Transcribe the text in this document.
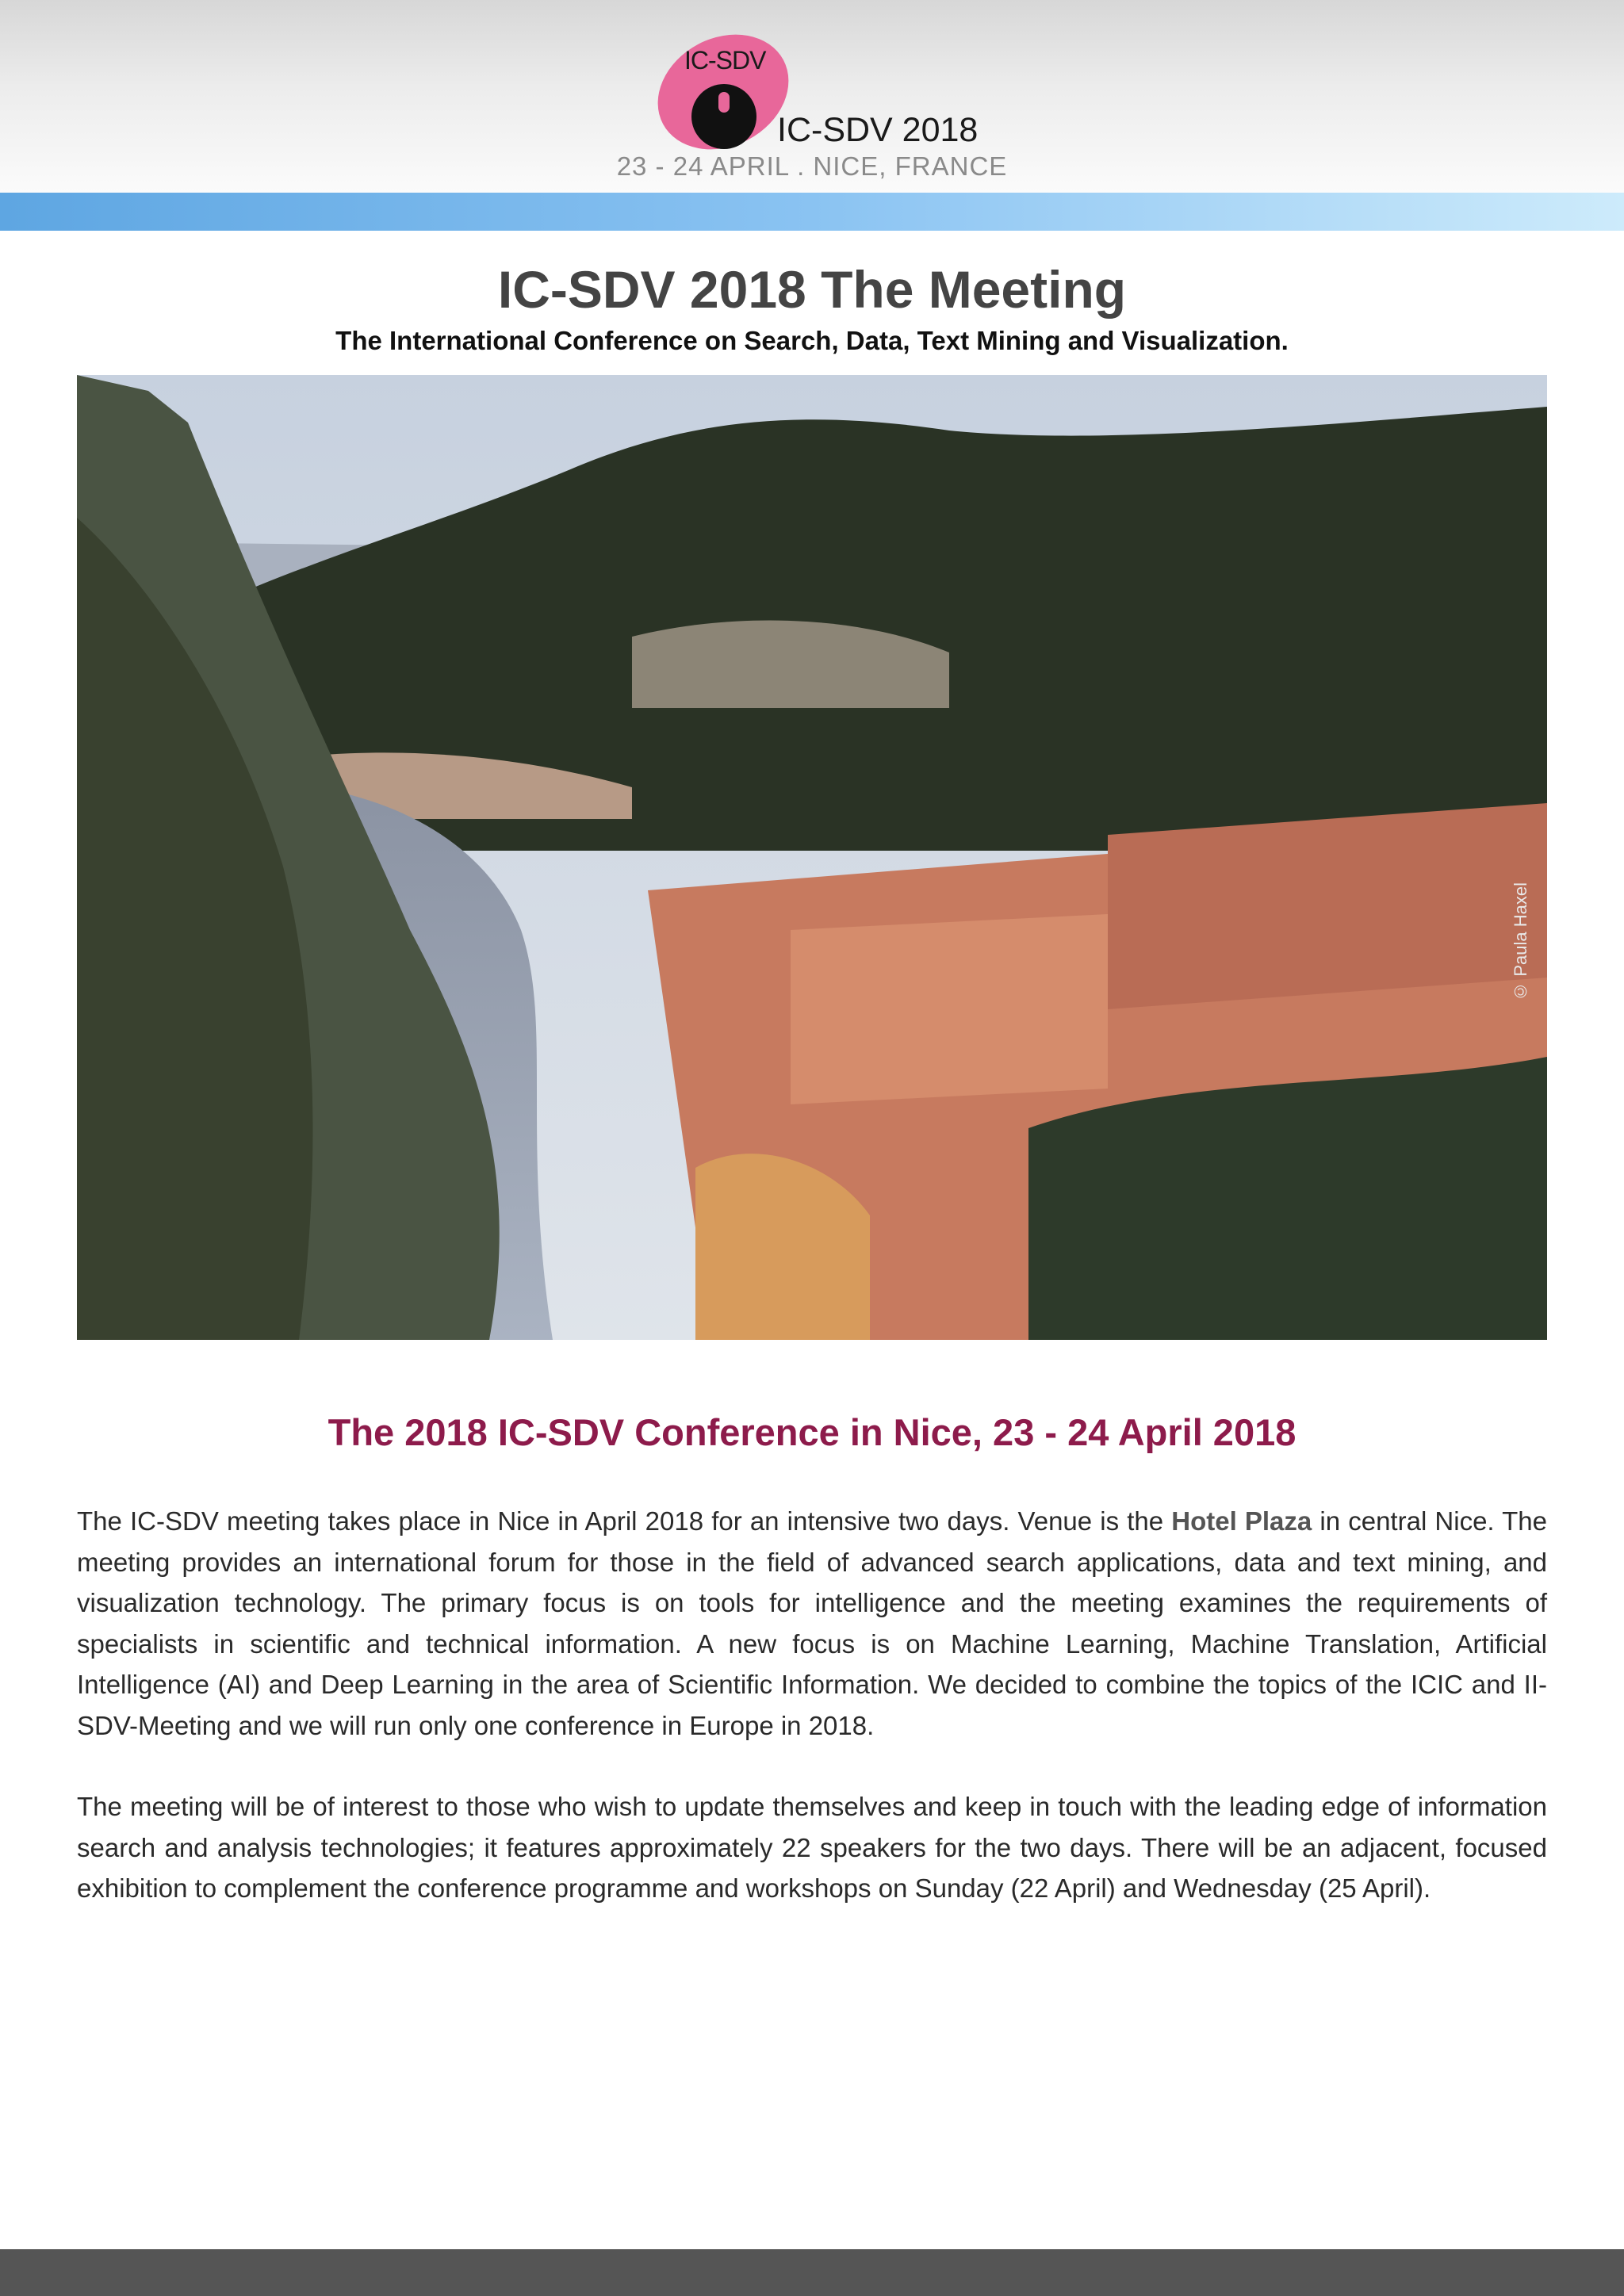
IC-SDV
IC-SDV 2018
23 - 24 APRIL . NICE, FRANCE
IC-SDV 2018 The Meeting
The International Conference on Search, Data, Text Mining and Visualization.
© Paula Haxel
The 2018 IC-SDV Conference in Nice, 23 - 24 April 2018

The IC-SDV meeting takes place in Nice in April 2018 for an intensive two days. Venue is the Hotel Plaza in central Nice. The meeting provides an international forum for those in the field of advanced search applications, data and text mining, and visualization technology. The primary focus is on tools for intelligence and the meeting examines the requirements of specialists in scientific and technical information. A new focus is on Machine Learning, Machine Translation, Artificial Intelligence (AI) and Deep Learning in the area of Scientific Information. We decided to combine the topics of the ICIC and II-SDV-Meeting and we will run only one conference in Europe in 2018.

The meeting will be of interest to those who wish to update themselves and keep in touch with the leading edge of information search and analysis technologies; it features approximately 22 speakers for the two days. There will be an adjacent, focused exhibition to complement the conference programme and workshops on Sunday (22 April) and Wednesday (25 April).
